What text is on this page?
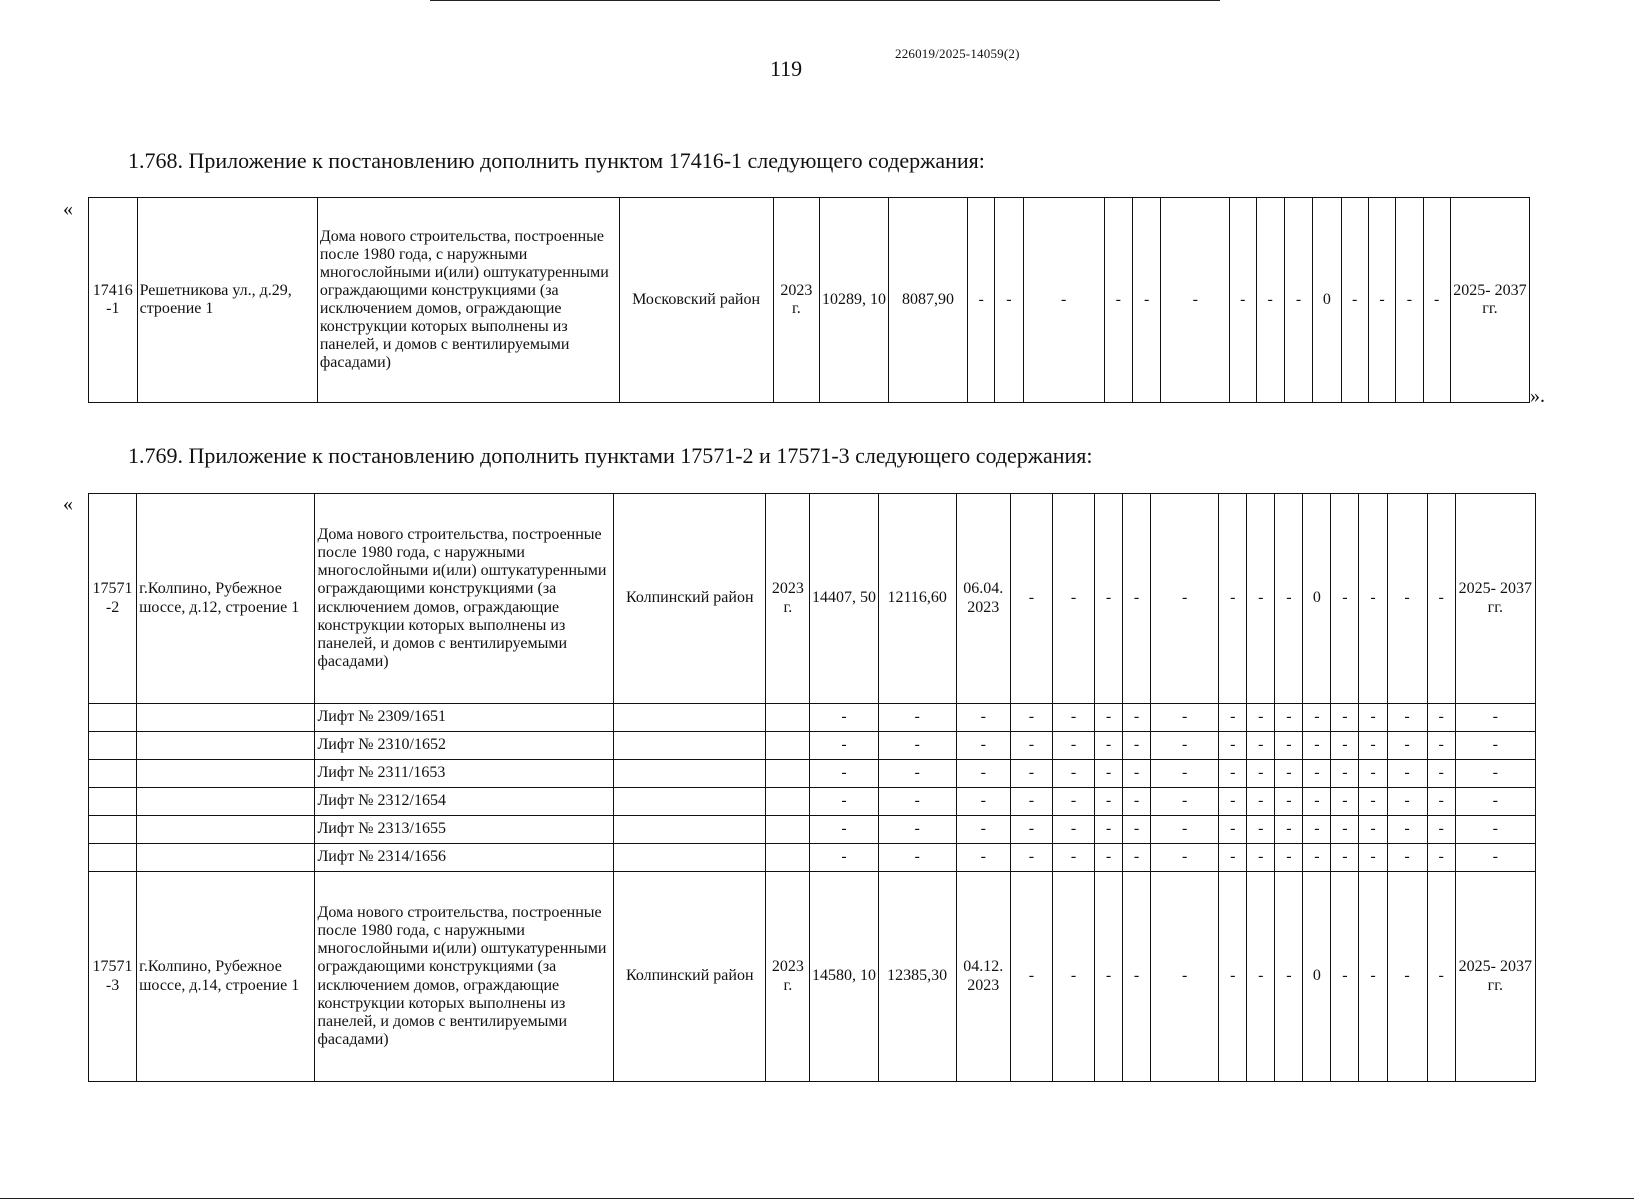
119
226019/2025-14059(2)
1.768. Приложение к постановлению дополнить пунктом 17416-1 следующего содержания:
«
17416 -1	Решетникова ул., д.29, строение 1	Дома нового строительства, построенные после 1980 года, с наружными многослойными и(или) оштукатуренными ограждающими конструкциями (за исключением домов, ограждающие конструкции которых выполнены из панелей, и домов с вентилируемыми фасадами)	Московский район	2023 г.	10289, 10	8087,90	-	-	-	-	-	-	-	-	-	0	-	-	-	-	2025- 2037 гг.
».
1.769. Приложение к постановлению дополнить пунктами 17571-2 и 17571-3 следующего содержания:
«
17571 -2	г.Колпино, Рубежное шоссе, д.12, строение 1	Дома нового строительства, построенные после 1980 года, с наружными многослойными и(или) оштукатуренными ограждающими конструкциями (за исключением домов, ограждающие конструкции которых выполнены из панелей, и домов с вентилируемыми фасадами)	Колпинский район	2023 г.	14407, 50	12116,60	06.04. 2023	-	-	-	-	-	-	-	-	0	-	-	-	-	2025- 2037 гг.
		Лифт № 2309/1651			-	-	-	-	-	-	-	-	-	-	-	-	-	-	-	-	-
		Лифт № 2310/1652			-	-	-	-	-	-	-	-	-	-	-	-	-	-	-	-	-
		Лифт № 2311/1653			-	-	-	-	-	-	-	-	-	-	-	-	-	-	-	-	-
		Лифт № 2312/1654			-	-	-	-	-	-	-	-	-	-	-	-	-	-	-	-	-
		Лифт № 2313/1655			-	-	-	-	-	-	-	-	-	-	-	-	-	-	-	-	-
		Лифт № 2314/1656			-	-	-	-	-	-	-	-	-	-	-	-	-	-	-	-	-
17571 -3	г.Колпино, Рубежное шоссе, д.14, строение 1	Дома нового строительства, построенные после 1980 года, с наружными многослойными и(или) оштукатуренными ограждающими конструкциями (за исключением домов, ограждающие конструкции которых выполнены из панелей, и домов с вентилируемыми фасадами)	Колпинский район	2023 г.	14580, 10	12385,30	04.12. 2023	-	-	-	-	-	-	-	-	0	-	-	-	-	2025- 2037 гг.
